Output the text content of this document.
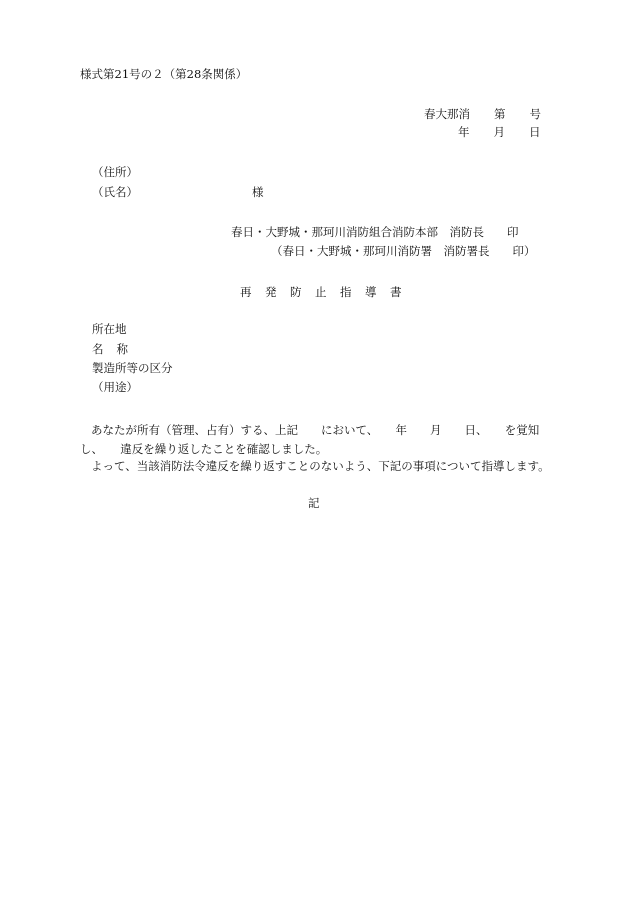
様式第21号の２（第28条関係）
春大那消 第 号
年 月 日
（住所）
（氏名）	様
春日・大野城・那珂川消防組合消防本部　消防長　　印
（春日・大野城・那珂川消防署　消防署長　　印）
再 発 防 止 指 導 書
所在地
名 称
製造所等の区分
（用途）
あなたが所有（管理、占有）する、上記　　において、　　年　　月　　日、　　を覚知し、　　違反を繰り返したことを確認しました。
よって、当該消防法令違反を繰り返すことのないよう、下記の事項について指導します。
記
